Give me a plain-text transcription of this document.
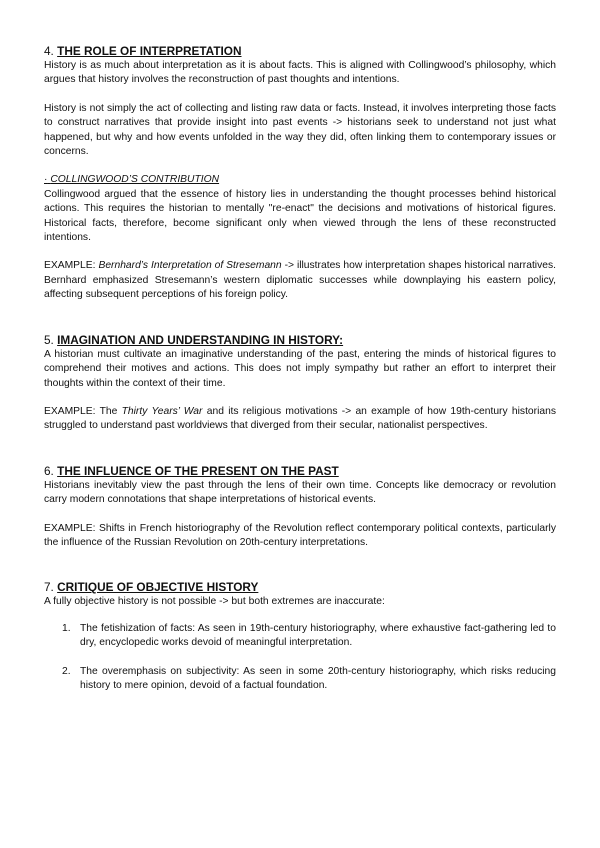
4. THE ROLE OF INTERPRETATION

History is as much about interpretation as it is about facts. This is aligned with Collingwood’s philosophy, which argues that history involves the reconstruction of past thoughts and intentions.

History is not simply the act of collecting and listing raw data or facts. Instead, it involves interpreting those facts to construct narratives that provide insight into past events -> historians seek to understand not just what happened, but why and how events unfolded in the way they did, often linking them to contemporary issues or concerns.

· COLLINGWOOD’S CONTRIBUTION

Collingwood argued that the essence of history lies in understanding the thought processes behind historical actions. This requires the historian to mentally "re-enact" the decisions and motivations of historical figures. Historical facts, therefore, become significant only when viewed through the lens of these reconstructed intentions.

EXAMPLE: Bernhard’s Interpretation of Stresemann -> illustrates how interpretation shapes historical narratives. Bernhard emphasized Stresemann’s western diplomatic successes while downplaying his eastern policy, affecting subsequent perceptions of his foreign policy.

5. IMAGINATION AND UNDERSTANDING IN HISTORY:

A historian must cultivate an imaginative understanding of the past, entering the minds of historical figures to comprehend their motives and actions. This does not imply sympathy but rather an effort to interpret their thoughts within the context of their time.

EXAMPLE: The Thirty Years’ War and its religious motivations -> an example of how 19th-century historians struggled to understand past worldviews that diverged from their secular, nationalist perspectives.

6. THE INFLUENCE OF THE PRESENT ON THE PAST

Historians inevitably view the past through the lens of their own time. Concepts like democracy or revolution carry modern connotations that shape interpretations of historical events.

EXAMPLE: Shifts in French historiography of the Revolution reflect contemporary political contexts, particularly the influence of the Russian Revolution on 20th-century interpretations.

7. CRITIQUE OF OBJECTIVE HISTORY

A fully objective history is not possible -> but both extremes are inaccurate:

1. The fetishization of facts: As seen in 19th-century historiography, where exhaustive fact-gathering led to dry, encyclopedic works devoid of meaningful interpretation.
2. The overemphasis on subjectivity: As seen in some 20th-century historiography, which risks reducing history to mere opinion, devoid of a factual foundation.
